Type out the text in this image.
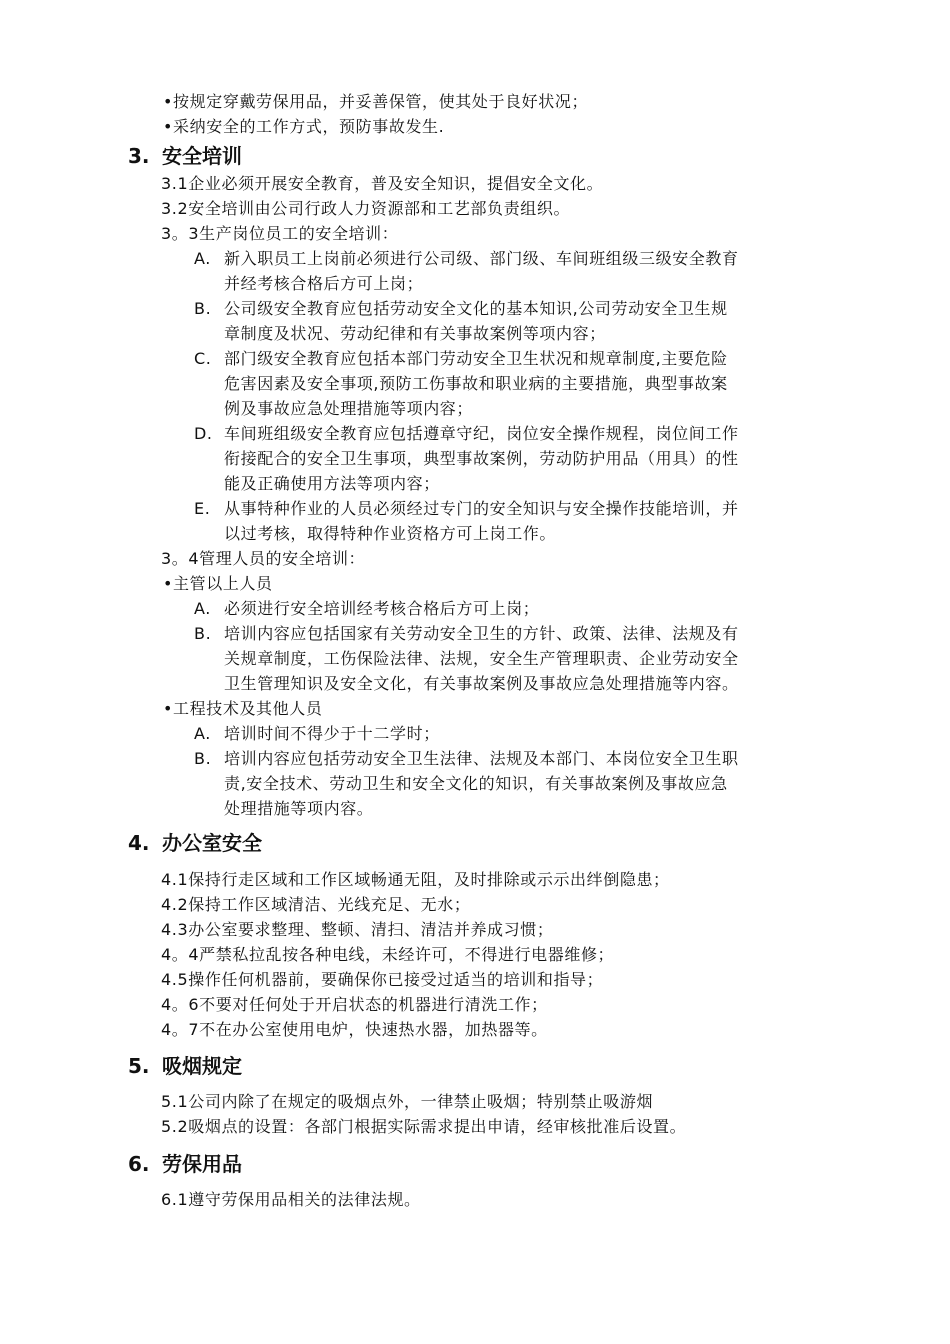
•按规定穿戴劳保用品，并妥善保管，使其处于良好状况；
•采纳安全的工作方式，预防事故发生.
3. 安全培训
3.1企业必须开展安全教育，普及安全知识，提倡安全文化。
3.2安全培训由公司行政人力资源部和工艺部负责组织。
3。3生产岗位员工的安全培训：
A. 新入职员工上岗前必须进行公司级、部门级、车间班组级三级安全教育
并经考核合格后方可上岗；
B. 公司级安全教育应包括劳动安全文化的基本知识,公司劳动安全卫生规
章制度及状况、劳动纪律和有关事故案例等项内容；
C. 部门级安全教育应包括本部门劳动安全卫生状况和规章制度,主要危险
危害因素及安全事项,预防工伤事故和职业病的主要措施，典型事故案
例及事故应急处理措施等项内容；
D. 车间班组级安全教育应包括遵章守纪，岗位安全操作规程，岗位间工作
衔接配合的安全卫生事项，典型事故案例，劳动防护用品（用具）的性
能及正确使用方法等项内容；
E. 从事特种作业的人员必须经过专门的安全知识与安全操作技能培训，并
以过考核，取得特种作业资格方可上岗工作。
3。4管理人员的安全培训：
•主管以上人员
A. 必须进行安全培训经考核合格后方可上岗；
B. 培训内容应包括国家有关劳动安全卫生的方针、政策、法律、法规及有
关规章制度，工伤保险法律、法规，安全生产管理职责、企业劳动安全
卫生管理知识及安全文化，有关事故案例及事故应急处理措施等内容。
•工程技术及其他人员
A. 培训时间不得少于十二学时；
B. 培训内容应包括劳动安全卫生法律、法规及本部门、本岗位安全卫生职
责,安全技术、劳动卫生和安全文化的知识，有关事故案例及事故应急
处理措施等项内容。
4. 办公室安全
4.1保持行走区域和工作区域畅通无阻，及时排除或示示出绊倒隐患；
4.2保持工作区域清洁、光线充足、无水；
4.3办公室要求整理、整顿、清扫、清洁并养成习惯；
4。4严禁私拉乱按各种电线，未经许可，不得进行电器维修；
4.5操作任何机器前，要确保你已接受过适当的培训和指导；
4。6不要对任何处于开启状态的机器进行清洗工作；
4。7不在办公室使用电炉，快速热水器，加热器等。
5. 吸烟规定
5.1公司内除了在规定的吸烟点外，一律禁止吸烟；特别禁止吸游烟
5.2吸烟点的设置：各部门根据实际需求提出申请，经审核批准后设置。
6. 劳保用品
6.1遵守劳保用品相关的法律法规。
